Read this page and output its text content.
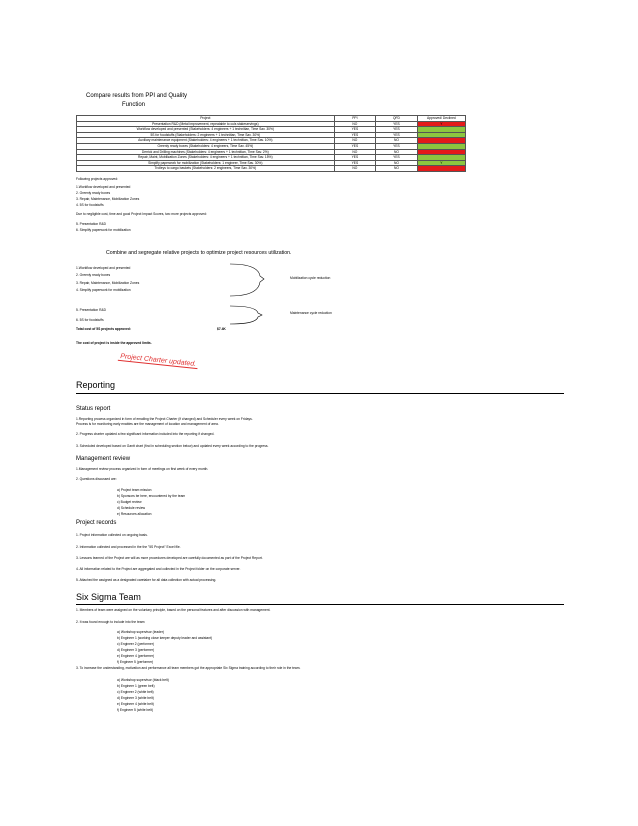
Compare results from PPI and Quality
Function
Project	PPI	QFD	Approved/ Declined
Presentation R&D (Metal improvement, repeatable to culs stakeservings)	NO	YES	Y
Workflow developed and presented (Stakeholders: 4 engineers + 1 technitian, Time Sav. 30%)	YES	YES	
5S for foodstuffs (Stakeholders: 2 engineers + 1 technitian, Time Sav. 30%)	YES	YES	
Auxiliary maintenance equipment (Stakeholders: 4 engineers + 1 technitian, Time Sav. 10%)	NO	NO	
Greenly ready boxes (Stakeholders: 4 engineers, Time Sav. 45%)	YES	YES	
Derrick and Drilling machines (Stakeholders: 4 engineers + 1 technitian, Time Sav. 2%)	NO	NO	
Repair, Maint, Mobilization Zones (Stakeholders: 4 engineers + 1 technitian, Time Sav. 15%)	YES	YES	
Simplify paperwork for mobilization (Stakeholders: 1 engineer, Time Sav. 30%)	YES	NO	Y
Trolleys to cargo baskets (Stakeholders: 2 engineers, Time Sav. 30%)	NO	NO	
Following projects approved:
1.Workflow developed and presented
2. Greenly ready boxes
3. Repair, Maintenance, Mobilization Zones
4. 5S for foodstuffs
Due to negligible cost, time and good Project Impact Scores, two more projects approved:
5. Presentation R&D
6. Simplify paperwork for mobilization
Combine and segregate relative projects to optimize project resources utilization.
1.Workflow developed and presented
2. Greenly ready boxes
3. Repair, Maintenance, Mobilization Zones
4. Simplify paperwork for mobilization
Mobilization cycle reduction
5. Presentation R&D
6. 5S for foodstuffs
Maintenance cycle reduction
Total cost of 5S projects approved:	$7.4K
The cost of project is inside the approved limits.
Project Charter updated.
Reporting
Status report
1.Reporting process organized in form of emailing the Project Charter (if changed) and Scheduler every week on Fridays.
Process is for monitoring early enables are the management of location and management of area.
2. Progress charter updated a few significant information included into the reporting if changed.
3. Scheduled developed based on Gantt chart (find in scheduling section below) and updated every week according to the progress.
Management review
1.Management review process organized in form of meetings on first week of every month.
2. Questions discussed are:
a) Project team mission
b) Sponsors be here, encountered by the team
c) Budget review
d) Schedule review
e) Resources allocation
Project records
1. Project information collected on ongoing basis.
2. Information collected and processed in the the "5S Project" Excel file.
3. Lessons learned of the Project are will as more procedures developed are carefully documented as part of the Project Report.
4. All information related to the Project are aggregated and collected in the Project folder on the corporate server.
5. Attached the assigned as a designated caretaker for all data collection with actual processing.
Six Sigma Team
1. Members of team were assigned on the voluntary principle, based on the personal features and after discussion with management.
2. It was found enough to include into the team:
a) Workshop supervisor (leader)
b) Engineer 1 (working close keeper deputy leader and assistant)
c) Engineer 2 (performer)
d) Engineer 3 (performer)
e) Engineer 4 (performer)
f) Engineer 5 (performer)
3. To increase the understanding, motivation and performance all team members got the appropriate Six Sigma training according to their role in the team.
a) Workshop supervisor (black belt)
b) Engineer 1 (green belt)
c) Engineer 2 (white belt)
d) Engineer 3 (white belt)
e) Engineer 4 (white belt)
f) Engineer 5 (white belt)
